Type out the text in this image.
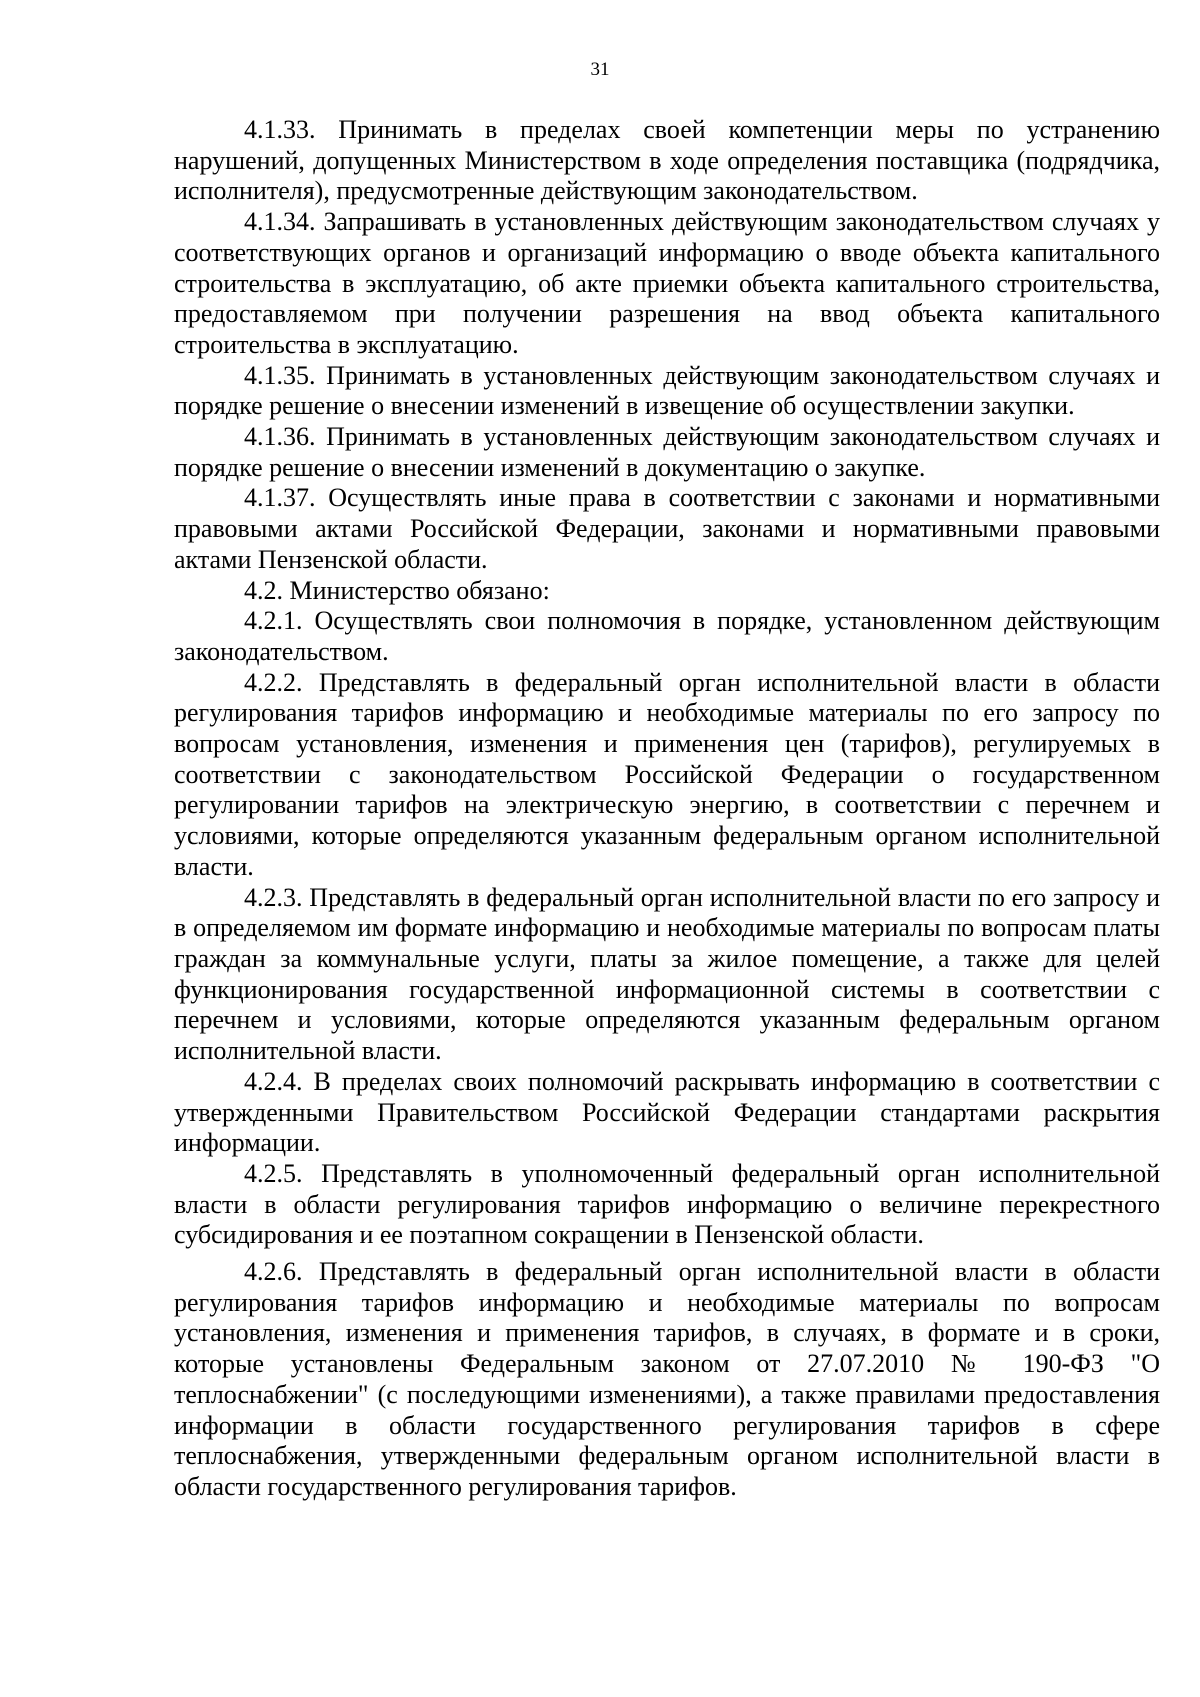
31

4.1.33. Принимать в пределах своей компетенции меры по устранению нарушений, допущенных Министерством в ходе определения поставщика (подрядчика, исполнителя), предусмотренные действующим законодательством.

4.1.34. Запрашивать в установленных действующим законодательством случаях у соответствующих органов и организаций информацию о вводе объекта капитального строительства в эксплуатацию, об акте приемки объекта капитального строительства, предоставляемом при получении разрешения на ввод объекта капитального строительства в эксплуатацию.

4.1.35. Принимать в установленных действующим законодательством случаях и порядке решение о внесении изменений в извещение об осуществлении закупки.

4.1.36. Принимать в установленных действующим законодательством случаях и порядке решение о внесении изменений в документацию о закупке.

4.1.37. Осуществлять иные права в соответствии с законами и нормативными правовыми актами Российской Федерации, законами и нормативными правовыми актами Пензенской области.

4.2. Министерство обязано:

4.2.1. Осуществлять свои полномочия в порядке, установленном действующим законодательством.

4.2.2. Представлять в федеральный орган исполнительной власти в области регулирования тарифов информацию и необходимые материалы по его запросу по вопросам установления, изменения и применения цен (тарифов), регулируемых в соответствии с законодательством Российской Федерации о государственном регулировании тарифов на электрическую энергию, в соответствии с перечнем и условиями, которые определяются указанным федеральным органом исполнительной власти.

4.2.3. Представлять в федеральный орган исполнительной власти по его запросу и в определяемом им формате информацию и необходимые материалы по вопросам платы граждан за коммунальные услуги, платы за жилое помещение, а также для целей функционирования государственной информационной системы в соответствии с перечнем и условиями, которые определяются указанным федеральным органом исполнительной власти.

4.2.4. В пределах своих полномочий раскрывать информацию в соответствии с утвержденными Правительством Российской Федерации стандартами раскрытия информации.

4.2.5. Представлять в уполномоченный федеральный орган исполнительной власти в области регулирования тарифов информацию о величине перекрестного субсидирования и ее поэтапном сокращении в Пензенской области.

4.2.6. Представлять в федеральный орган исполнительной власти в области регулирования тарифов информацию и необходимые материалы по вопросам установления, изменения и применения тарифов, в случаях, в формате и в сроки, которые установлены Федеральным законом от 27.07.2010 № 190-ФЗ "О теплоснабжении" (с последующими изменениями), а также правилами предоставления информации в области государственного регулирования тарифов в сфере теплоснабжения, утвержденными федеральным органом исполнительной власти в области государственного регулирования тарифов.
